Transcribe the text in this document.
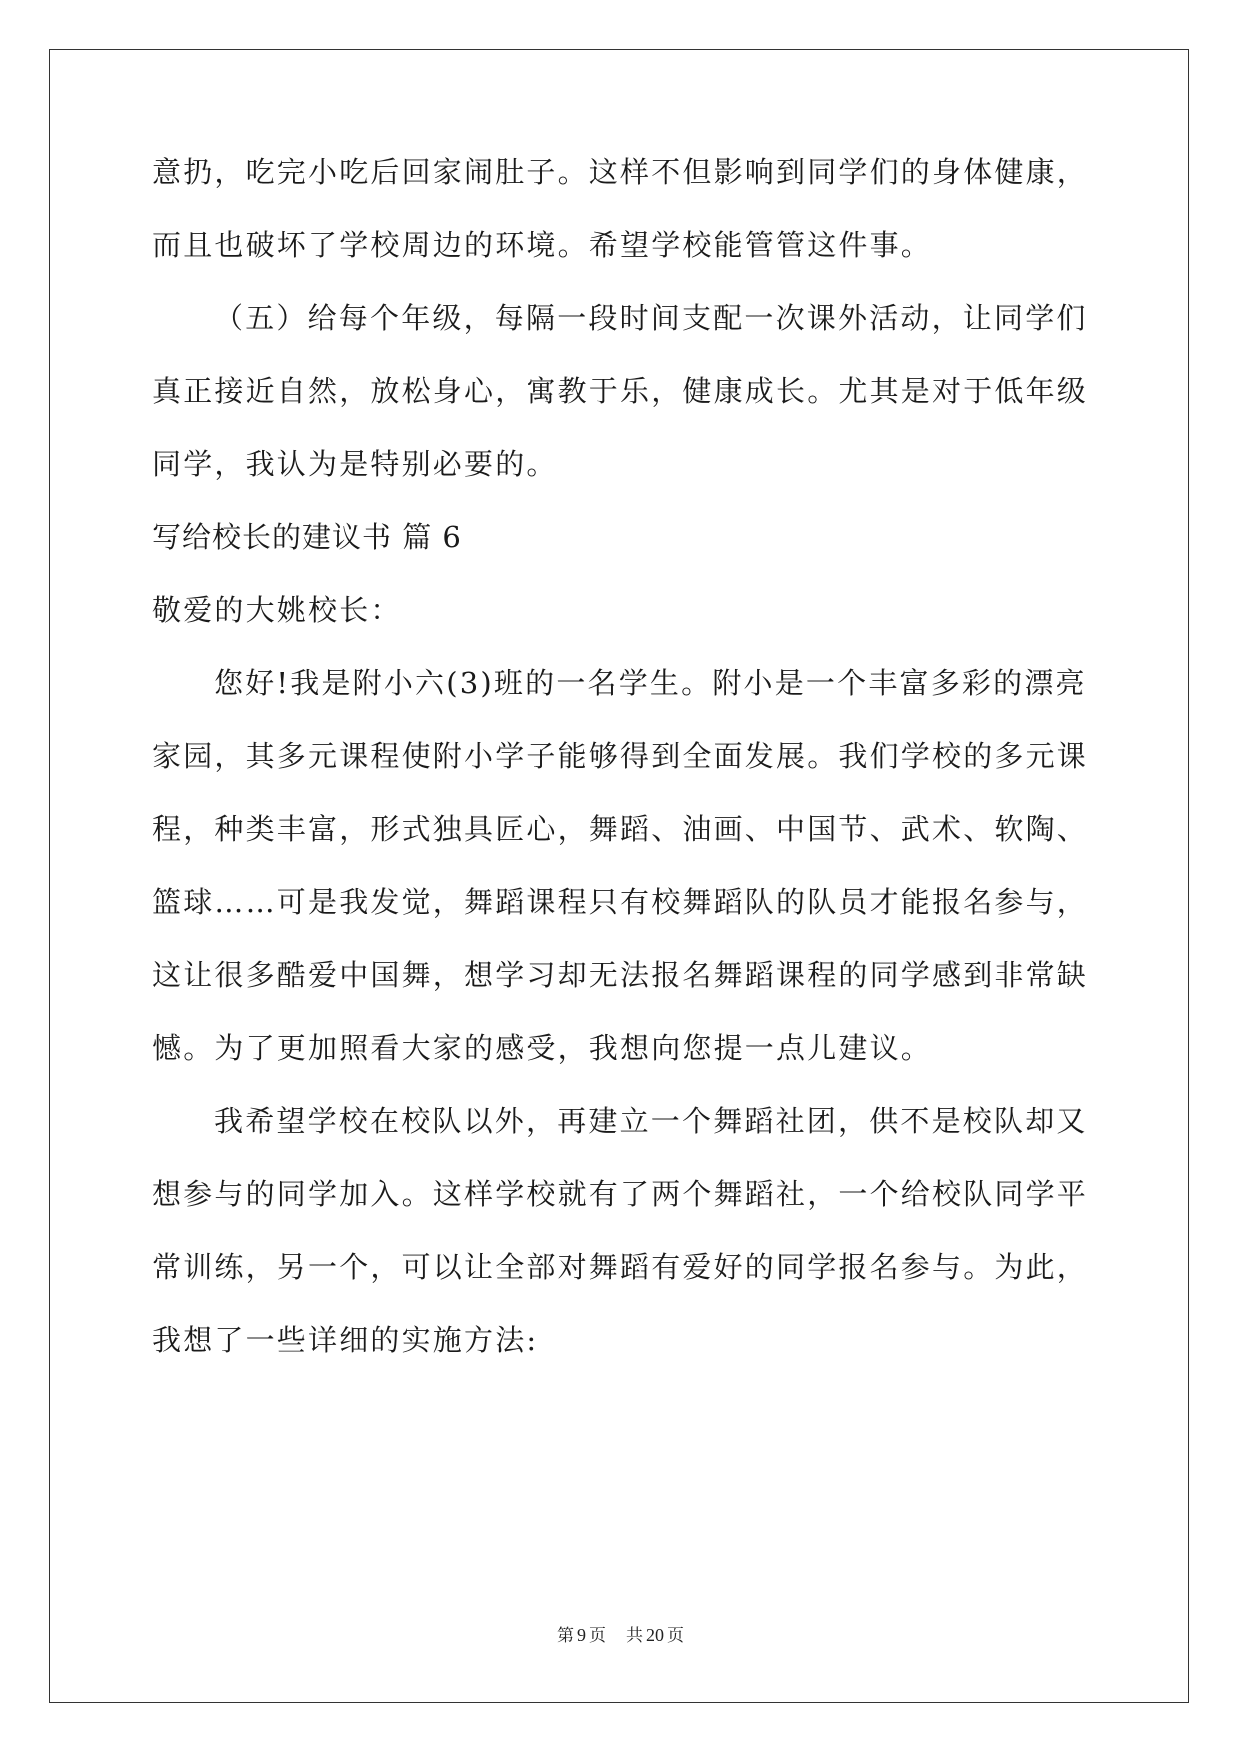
意扔，吃完小吃后回家闹肚子。这样不但影响到同学们的身体健康，
而且也破坏了学校周边的环境。希望学校能管管这件事。
（五）给每个年级，每隔一段时间支配一次课外活动，让同学们
真正接近自然，放松身心，寓教于乐，健康成长。尤其是对于低年级
同学，我认为是特别必要的。
写给校长的建议书 篇 6
敬爱的大姚校长：
您好!我是附小六(3)班的一名学生。附小是一个丰富多彩的漂亮
家园，其多元课程使附小学子能够得到全面发展。我们学校的多元课
程，种类丰富，形式独具匠心，舞蹈、油画、中国节、武术、软陶、
篮球……可是我发觉，舞蹈课程只有校舞蹈队的队员才能报名参与，
这让很多酷爱中国舞，想学习却无法报名舞蹈课程的同学感到非常缺
憾。为了更加照看大家的感受，我想向您提一点儿建议。
我希望学校在校队以外，再建立一个舞蹈社团，供不是校队却又
想参与的同学加入。这样学校就有了两个舞蹈社，一个给校队同学平
常训练，另一个，可以让全部对舞蹈有爱好的同学报名参与。为此，
我想了一些详细的实施方法:
第 9 页 共 20 页
